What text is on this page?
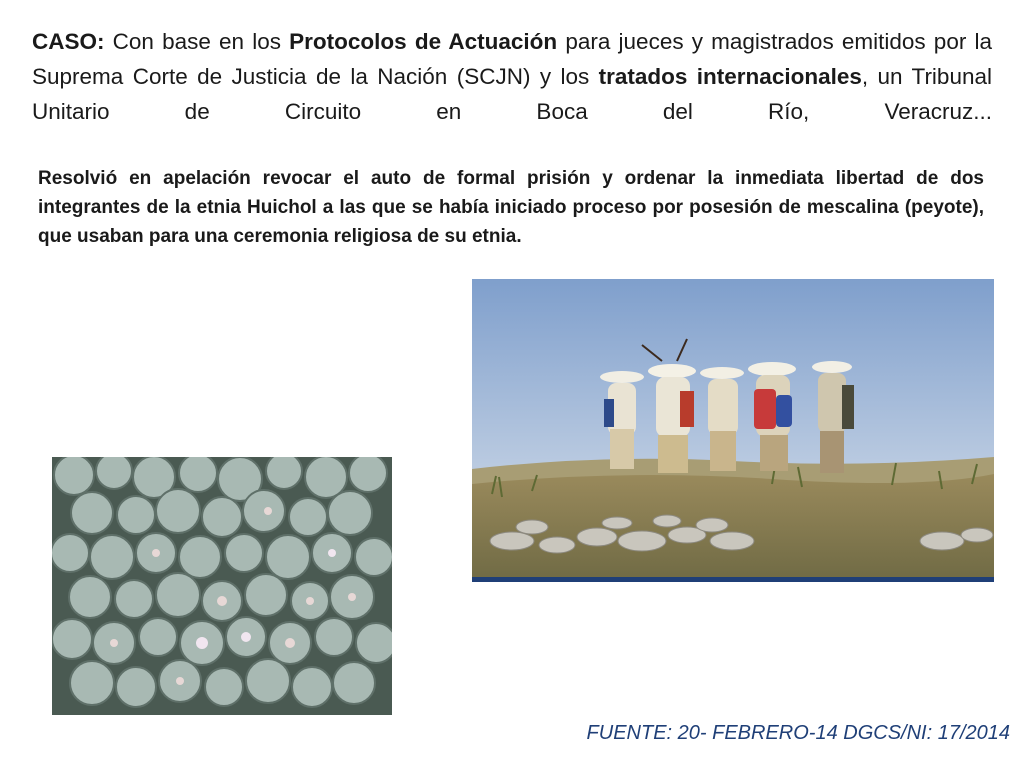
CASO: Con base en los Protocolos de Actuación para jueces y magistrados emitidos por la Suprema Corte de Justicia de la Nación (SCJN) y los tratados internacionales, un Tribunal Unitario de Circuito en Boca del Río, Veracruz...

Resolvió en apelación revocar el auto de formal prisión y ordenar la inmediata libertad de dos integrantes de la etnia Huichol a las que se había iniciado proceso por posesión de mescalina (peyote), que usaban para una ceremonia religiosa de su etnia.

FUENTE: 20- FEBRERO-14 DGCS/NI: 17/2014
